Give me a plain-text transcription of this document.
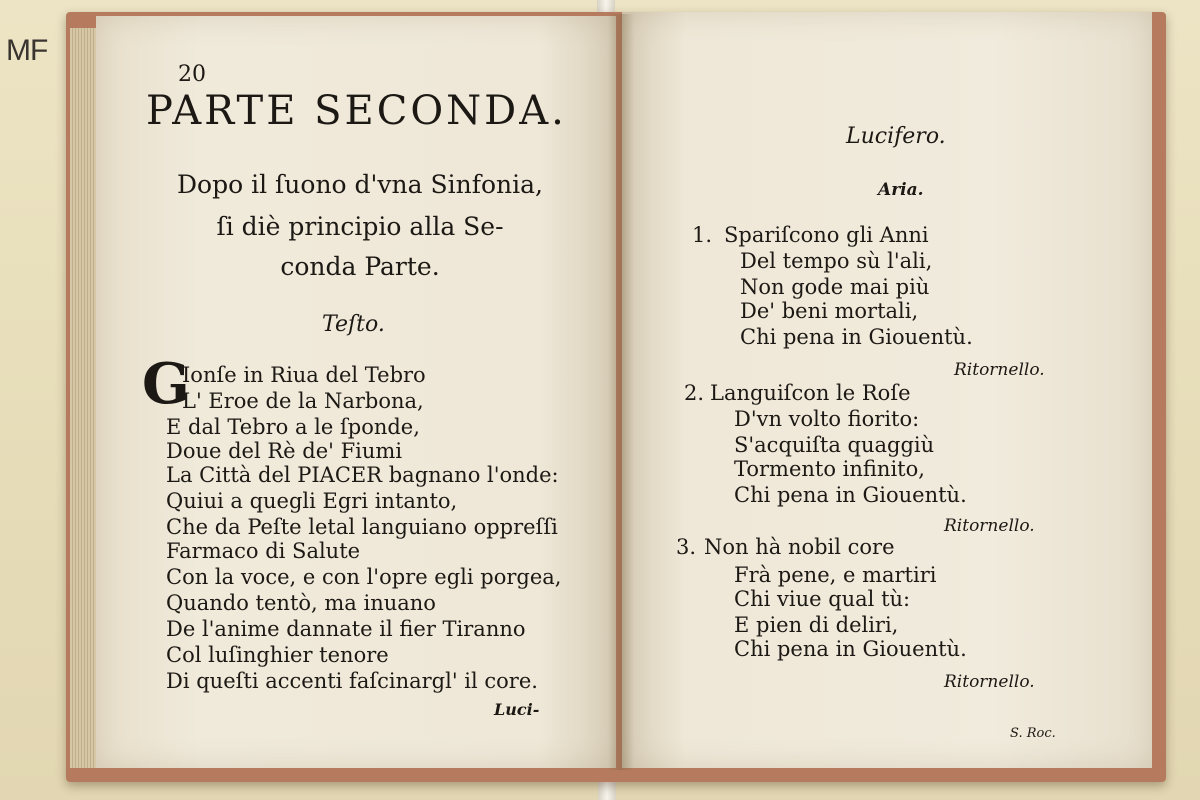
MF
20
PARTE SECONDA.
Dopo il ſuono d'vna Sinfonia,
ſi diè principio alla Se-
conda Parte.
Teſto.
G
Ionſe in Riua del Tebro
L' Eroe de la Narbona,
E dal Tebro a le ſponde,
Doue del Rè de' Fiumi
La Città del PIACER bagnano l'onde:
Quiui a quegli Egri intanto,
Che da Peſte letal languiano oppreſſi
Farmaco di Salute
Con la voce, e con l'opre egli porgea,
Quando tentò, ma inuano
De l'anime dannate il fier Tiranno
Col luſinghier tenore
Di queſti accenti faſcinargl' il core.
Luci-
Lucifero.
Aria.
1. Spariſcono gli Anni
Del tempo sù l'ali,
Non gode mai più
De' beni mortali,
Chi pena in Giouentù.
Ritornello.
2. Languiſcon le Roſe
D'vn volto fiorito:
S'acquiſta quaggiù
Tormento infinito,
Chi pena in Giouentù.
Ritornello.
3. Non hà nobil core
Frà pene, e martiri
Chi viue qual tù:
E pien di deliri,
Chi pena in Giouentù.
Ritornello.
S. Roc.
